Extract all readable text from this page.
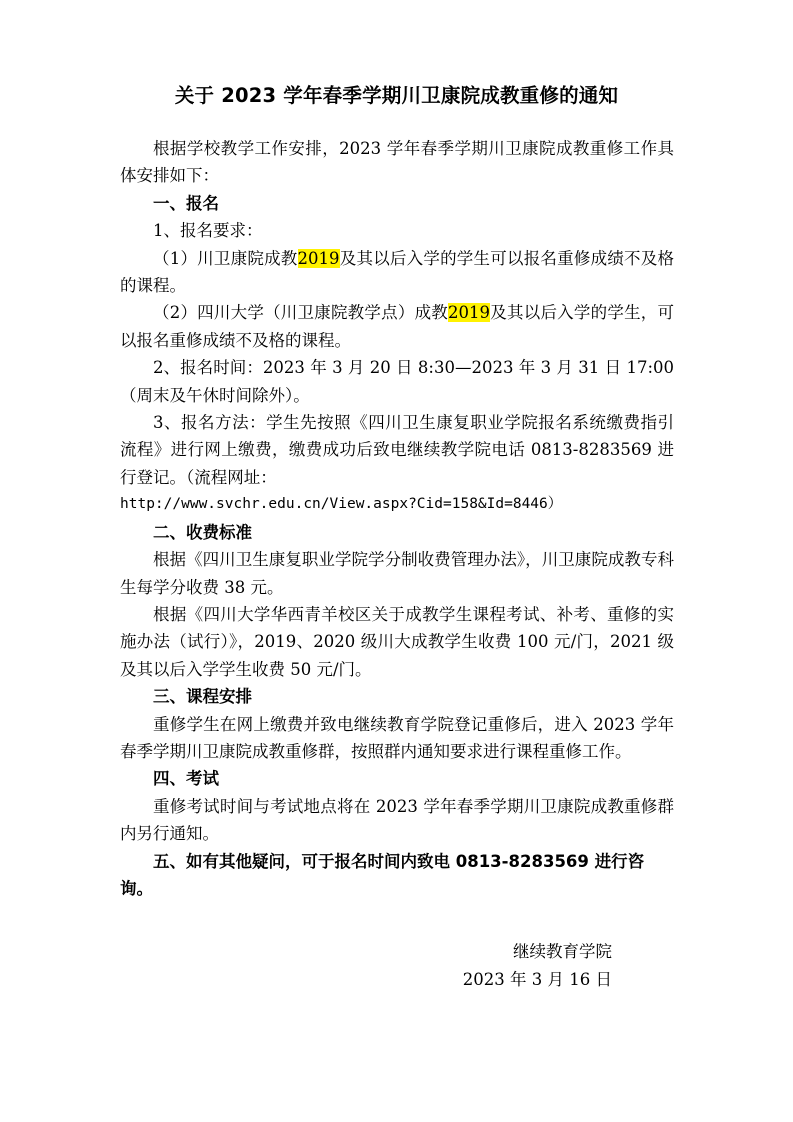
关于 2023 学年春季学期川卫康院成教重修的通知

根据学校教学工作安排，2023 学年春季学期川卫康院成教重修工作具体安排如下：

一、报名

1、报名要求：

（1）川卫康院成教2019及其以后入学的学生可以报名重修成绩不及格的课程。

（2）四川大学（川卫康院教学点）成教2019及其以后入学的学生，可以报名重修成绩不及格的课程。

2、报名时间：2023 年 3 月 20 日 8:30—2023 年 3 月 31 日 17:00（周末及午休时间除外）。

3、报名方法：学生先按照《四川卫生康复职业学院报名系统缴费指引流程》进行网上缴费，缴费成功后致电继续教学院电话 0813-8283569 进行登记。（流程网址：

http://www.svchr.edu.cn/View.aspx?Cid=158&Id=8446）

二、收费标准

根据《四川卫生康复职业学院学分制收费管理办法》，川卫康院成教专科生每学分收费 38 元。

根据《四川大学华西青羊校区关于成教学生课程考试、补考、重修的实施办法（试行）》，2019、2020 级川大成教学生收费 100 元/门，2021 级及其以后入学学生收费 50 元/门。

三、课程安排

重修学生在网上缴费并致电继续教育学院登记重修后，进入 2023 学年春季学期川卫康院成教重修群，按照群内通知要求进行课程重修工作。

四、考试

重修考试时间与考试地点将在 2023 学年春季学期川卫康院成教重修群内另行通知。

五、如有其他疑问，可于报名时间内致电 0813-8283569 进行咨询。

继续教育学院
2023 年 3 月 16 日
